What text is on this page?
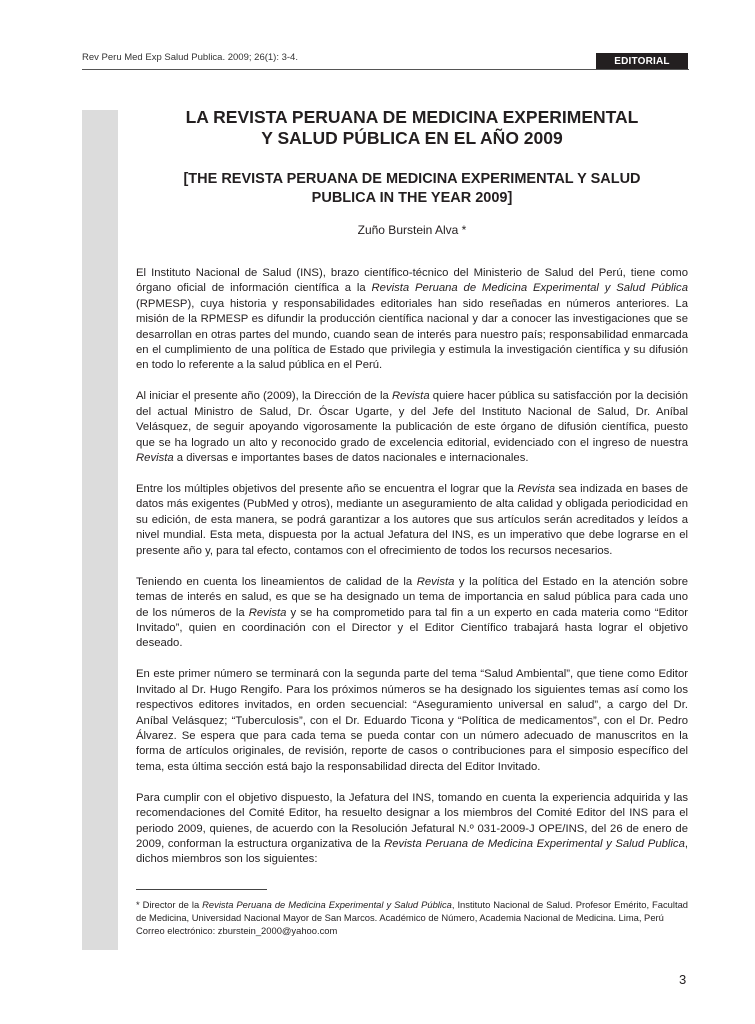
Rev Peru Med Exp Salud Publica. 2009; 26(1): 3-4.	EDITORIAL
LA REVISTA PERUANA DE MEDICINA EXPERIMENTAL
Y SALUD PÚBLICA EN EL AÑO 2009
[THE REVISTA PERUANA DE MEDICINA EXPERIMENTAL Y SALUD
PUBLICA IN THE YEAR 2009]
Zuño Burstein Alva *

El Instituto Nacional de Salud (INS), brazo científico-técnico del Ministerio de Salud del Perú, tiene como órgano oficial de información científica a la Revista Peruana de Medicina Experimental y Salud Pública (RPMESP), cuya historia y responsabilidades editoriales han sido reseñadas en números anteriores. La misión de la RPMESP es difundir la producción científica nacional y dar a conocer las investigaciones que se desarrollan en otras partes del mundo, cuando sean de interés para nuestro país; responsabilidad enmarcada en el cumplimiento de una política de Estado que privilegia y estimula la investigación científica y su difusión en todo lo referente a la salud pública en el Perú.

Al iniciar el presente año (2009), la Dirección de la Revista quiere hacer pública su satisfacción por la decisión del actual Ministro de Salud, Dr. Óscar Ugarte, y del Jefe del Instituto Nacional de Salud, Dr. Aníbal Velásquez, de seguir apoyando vigorosamente la publicación de este órgano de difusión científica, puesto que se ha logrado un alto y reconocido grado de excelencia editorial, evidenciado con el ingreso de nuestra Revista a diversas e importantes bases de datos nacionales e internacionales.

Entre los múltiples objetivos del presente año se encuentra el lograr que la Revista sea indizada en bases de datos más exigentes (PubMed y otros), mediante un aseguramiento de alta calidad y obligada periodicidad en su edición, de esta manera, se podrá garantizar a los autores que sus artículos serán acreditados y leídos a nivel mundial. Esta meta, dispuesta por la actual Jefatura del INS, es un imperativo que debe lograrse en el presente año y, para tal efecto, contamos con el ofrecimiento de todos los recursos necesarios.

Teniendo en cuenta los lineamientos de calidad de la Revista y la política del Estado en la atención sobre temas de interés en salud, es que se ha designado un tema de importancia en salud pública para cada uno de los números de la Revista y se ha comprometido para tal fin a un experto en cada materia como “Editor Invitado”, quien en coordinación con el Director y el Editor Científico trabajará hasta lograr el objetivo deseado.

En este primer número se terminará con la segunda parte del tema “Salud Ambiental”, que tiene como Editor Invitado al Dr. Hugo Rengifo. Para los próximos números se ha designado los siguientes temas así como los respectivos editores invitados, en orden secuencial: “Aseguramiento universal en salud”, a cargo del Dr. Aníbal Velásquez; “Tuberculosis”, con el Dr. Eduardo Ticona y “Política de medicamentos”, con el Dr. Pedro Álvarez. Se espera que para cada tema se pueda contar con un número adecuado de manuscritos en la forma de artículos originales, de revisión, reporte de casos o contribuciones para el simposio específico del tema, esta última sección está bajo la responsabilidad directa del Editor Invitado.

Para cumplir con el objetivo dispuesto, la Jefatura del INS, tomando en cuenta la experiencia adquirida y las recomendaciones del Comité Editor, ha resuelto designar a los miembros del Comité Editor del INS para el periodo 2009, quienes, de acuerdo con la Resolución Jefatural N.º 031-2009-J OPE/INS, del 26 de enero de 2009, conforman la estructura organizativa de la Revista Peruana de Medicina Experimental y Salud Publica, dichos miembros son los siguientes:

* Director de la Revista Peruana de Medicina Experimental y Salud Pública, Instituto Nacional de Salud. Profesor Emérito, Facultad de Medicina, Universidad Nacional Mayor de San Marcos. Académico de Número, Academia Nacional de Medicina. Lima, Perú

Correo electrónico: zburstein_2000@yahoo.com

3
